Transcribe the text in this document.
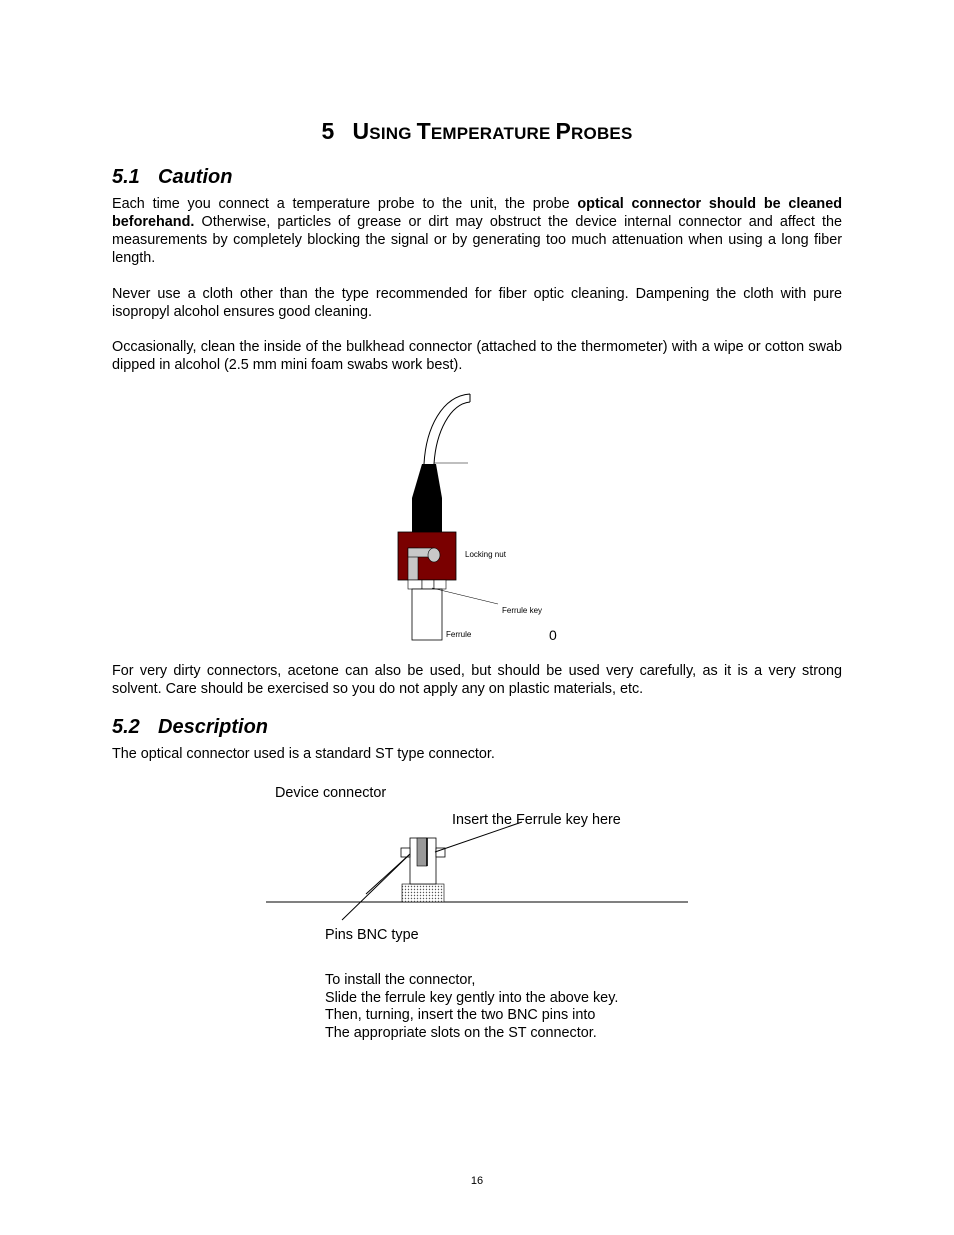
5 USING TEMPERATURE PROBES
5.1 Caution

Each time you connect a temperature probe to the unit, the probe optical connector should be cleaned beforehand. Otherwise, particles of grease or dirt may obstruct the device internal connector and affect the measurements by completely blocking the signal or by generating too much attenuation when using a long fiber length.

Never use a cloth other than the type recommended for fiber optic cleaning. Dampening the cloth with pure isopropyl alcohol ensures good cleaning.

Occasionally, clean the inside of the bulkhead connector (attached to the thermometer) with a wipe or cotton swab dipped in alcohol (2.5 mm mini foam swabs work best).

Locking nut
Ferrule key
Ferrule	0

For very dirty connectors, acetone can also be used, but should be used very carefully, as it is a very strong solvent. Care should be exercised so you do not apply any on plastic materials, etc.

5.2 Description

The optical connector used is a standard ST type connector.

Device connector
Insert the Ferrule key here
Pins BNC type
To install the connector,
Slide the ferrule key gently into the above key.
Then, turning, insert the two BNC pins into
The appropriate slots on the ST connector.
16
